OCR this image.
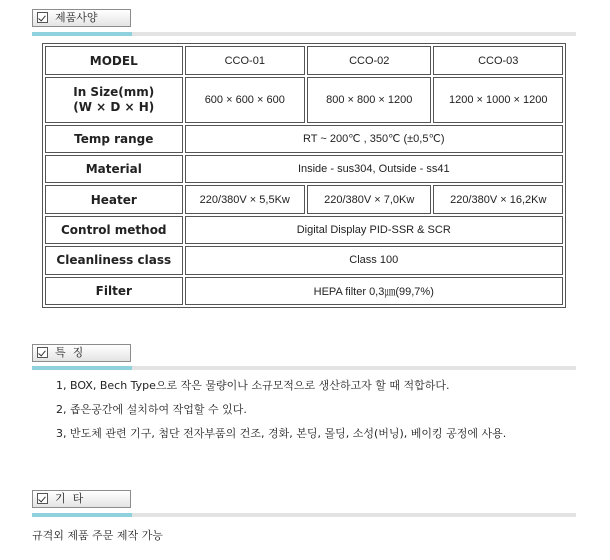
제품사양
MODEL	CCO-01	CCO-02	CCO-03

In Size(mm)
(W × D × H)	600 × 600 × 600	800 × 800 × 1200	1200 × 1000 × 1200
Temp range	RT ~ 200℃ , 350℃ (±0,5℃)		
Material	Inside - sus304, Outside - ss41		
Heater	220/380V × 5,5Kw	220/380V × 7,0Kw	220/380V × 16,2Kw
Control method	Digital Display PID-SSR & SCR		
Cleanliness class	Class 100		
Filter	HEPA filter 0,3㎛(99,7%)		
특  징
1, BOX, Bech Type으로 작은 물량이나 소규모적으로 생산하고자 할 때 적합하다.
2, 좁은공간에 설치하여 작업할 수 있다.
3, 반도체 관련 기구, 첨단 전자부품의 건조, 경화, 본딩, 몰딩, 소성(버닝), 베이킹 공정에 사용.
기  타
규격외 제품 주문 제작 가능
